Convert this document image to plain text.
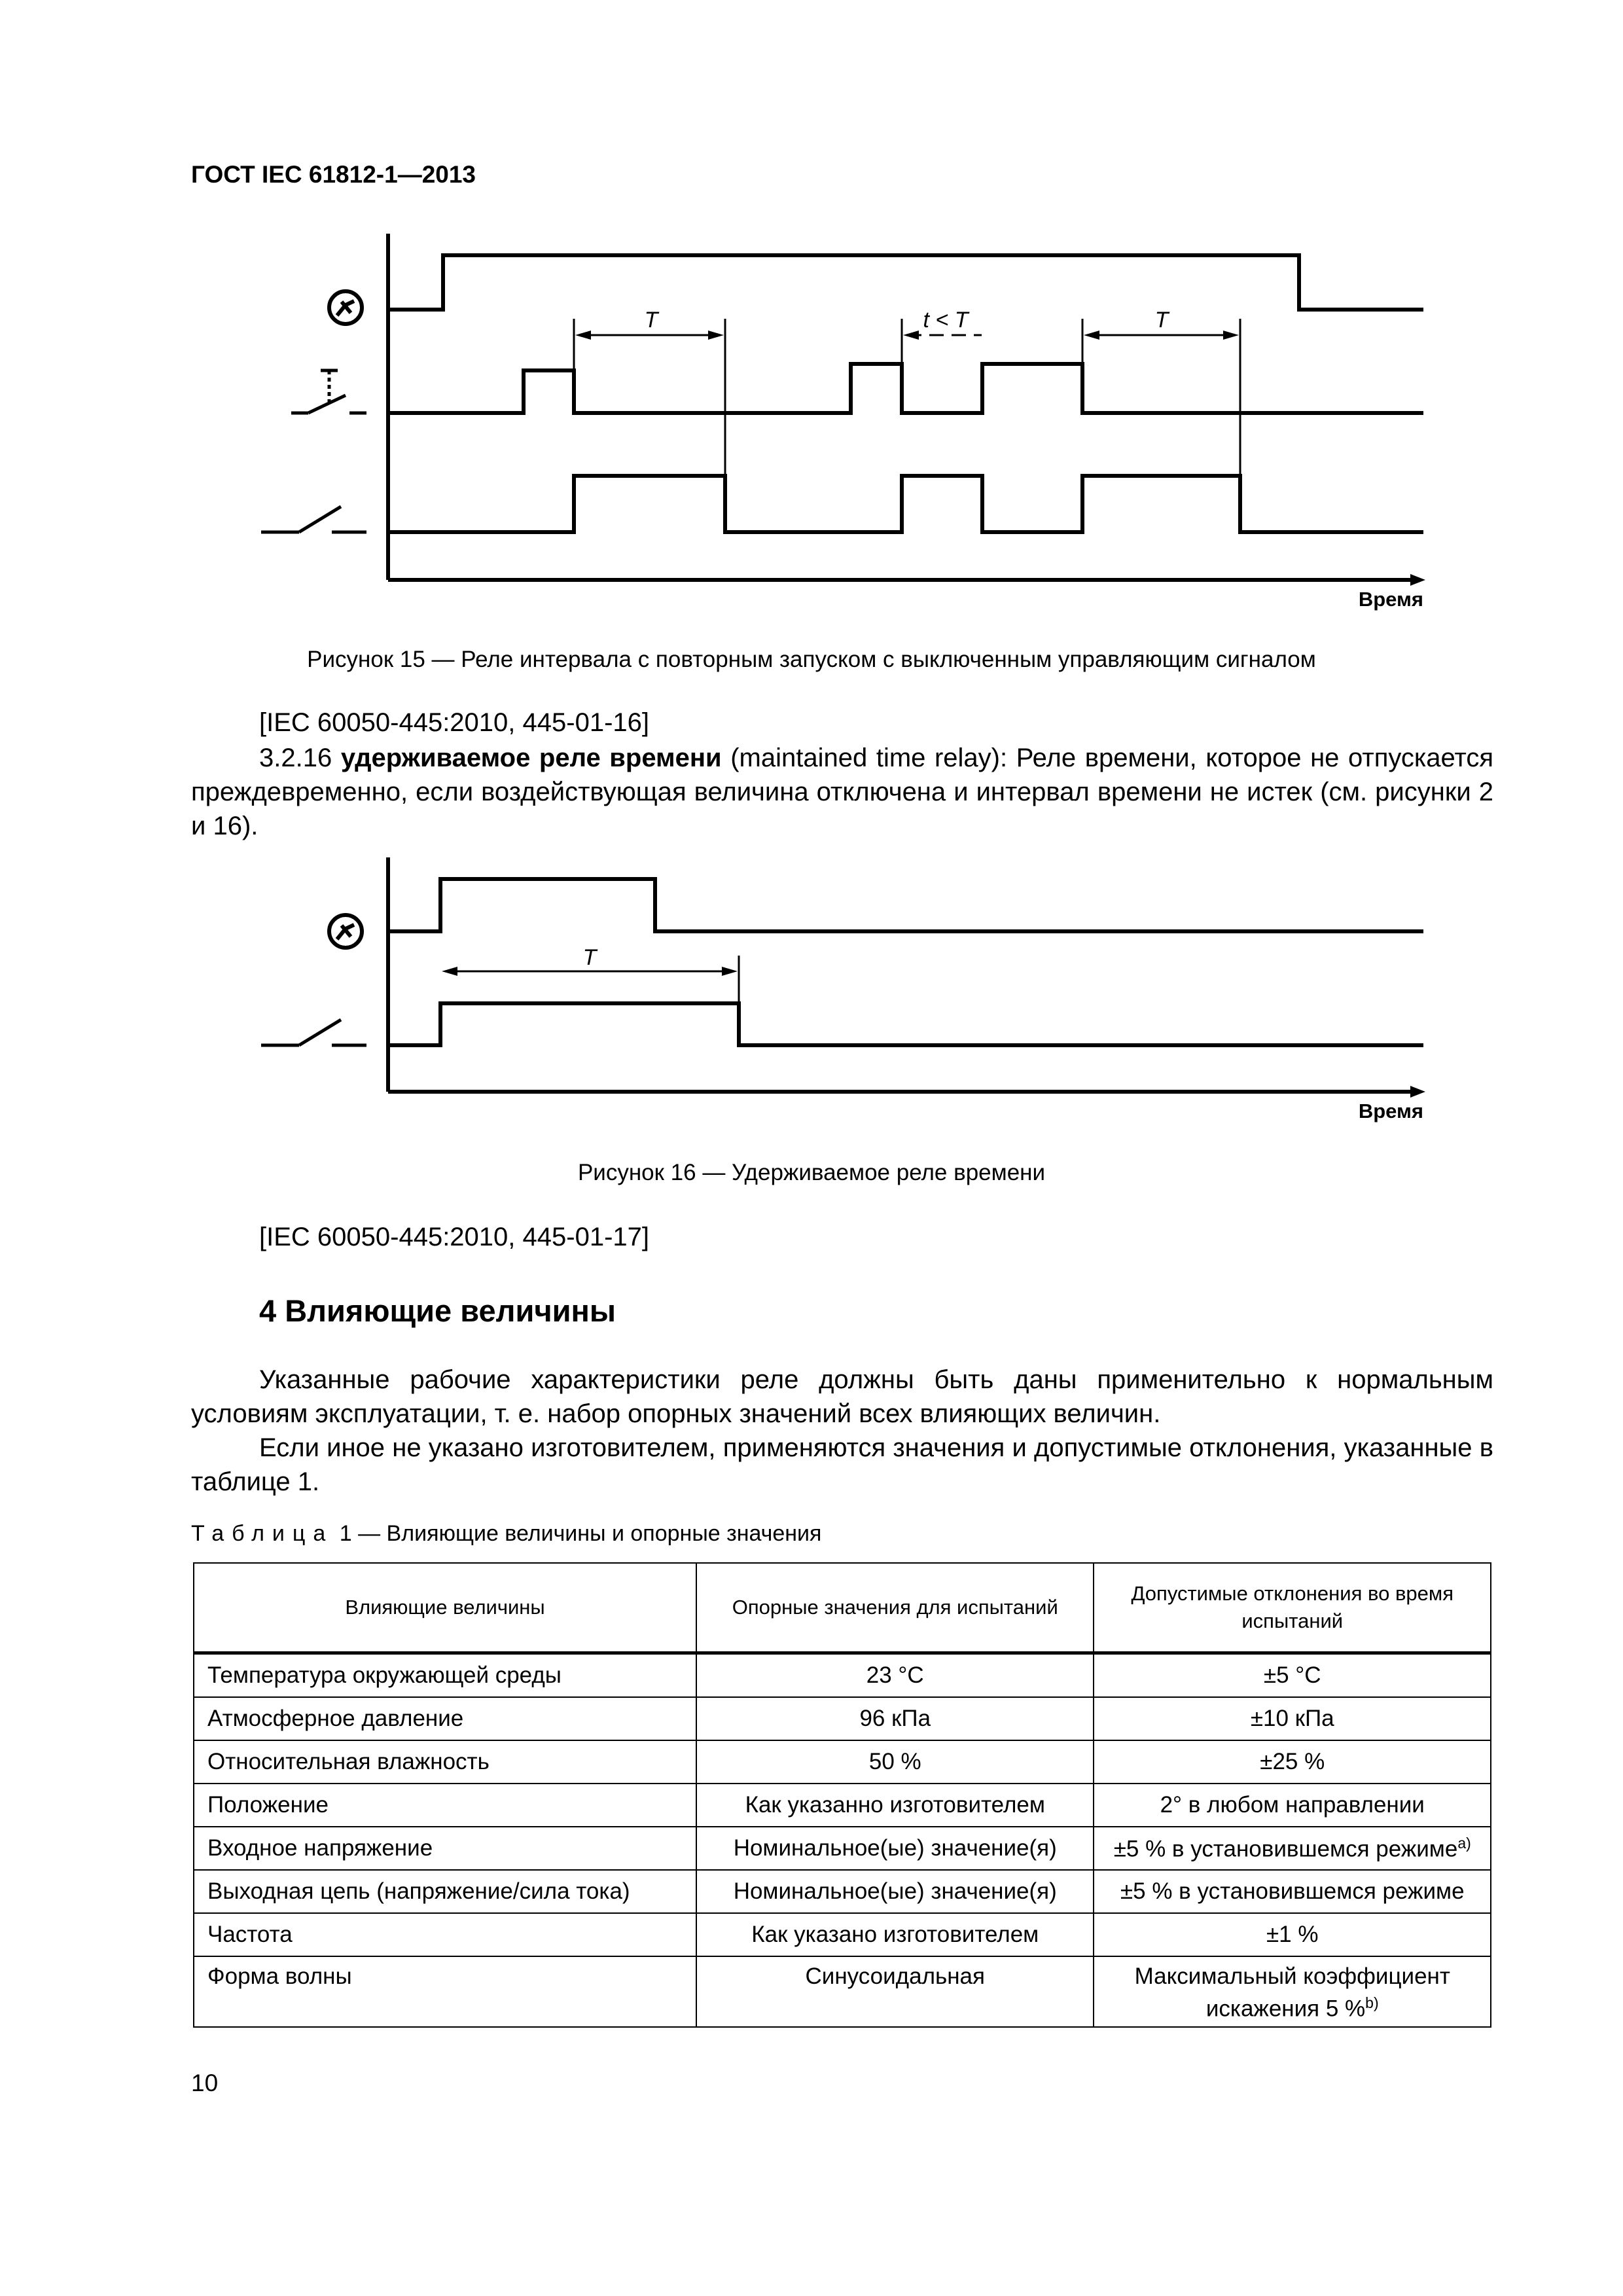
ГОСТ IEC 61812-1—2013
T	t < T	T
Время
Рисунок 15 — Реле интервала с повторным запуском с выключенным управляющим сигналом
[IEC 60050-445:2010, 445-01-16]

3.2.16 удерживаемое реле времени (maintained time relay): Реле времени, которое не отпускается преждевременно, если воздействующая величина отключена и интервал времени не истек (см. рисунки 2 и 16).

T
Время
Рисунок 16 — Удерживаемое реле времени
[IEC 60050-445:2010, 445-01-17]
4 Влияющие величины

Указанные рабочие характеристики реле должны быть даны применительно к нормальным условиям эксплуатации, т. е. набор опорных значений всех влияющих величин.

Если иное не указано изготовителем, применяются значения и допустимые отклонения, указанные в таблице 1.

Таблица 1 — Влияющие величины и опорные значения
Влияющие величины	Опорные значения для испытаний	Допустимые отклонения во время испытаний
Температура окружающей среды	23 °С	±5 °С
Атмосферное давление	96 кПа	±10 кПа
Относительная влажность	50 %	±25 %
Положение	Как указанно изготовителем	2° в любом направлении
Входное напряжение	Номинальное(ые) значение(я)	±5 % в установившемся режиме$^{a)}$
Выходная цепь (напряжение/сила тока)	Номинальное(ые) значение(я)	±5 % в установившемся режиме
Частота	Как указано изготовителем	±1 %
Форма волны	Синусоидальная	Максимальный коэффициент искажения 5 %$^{b)}$
10
